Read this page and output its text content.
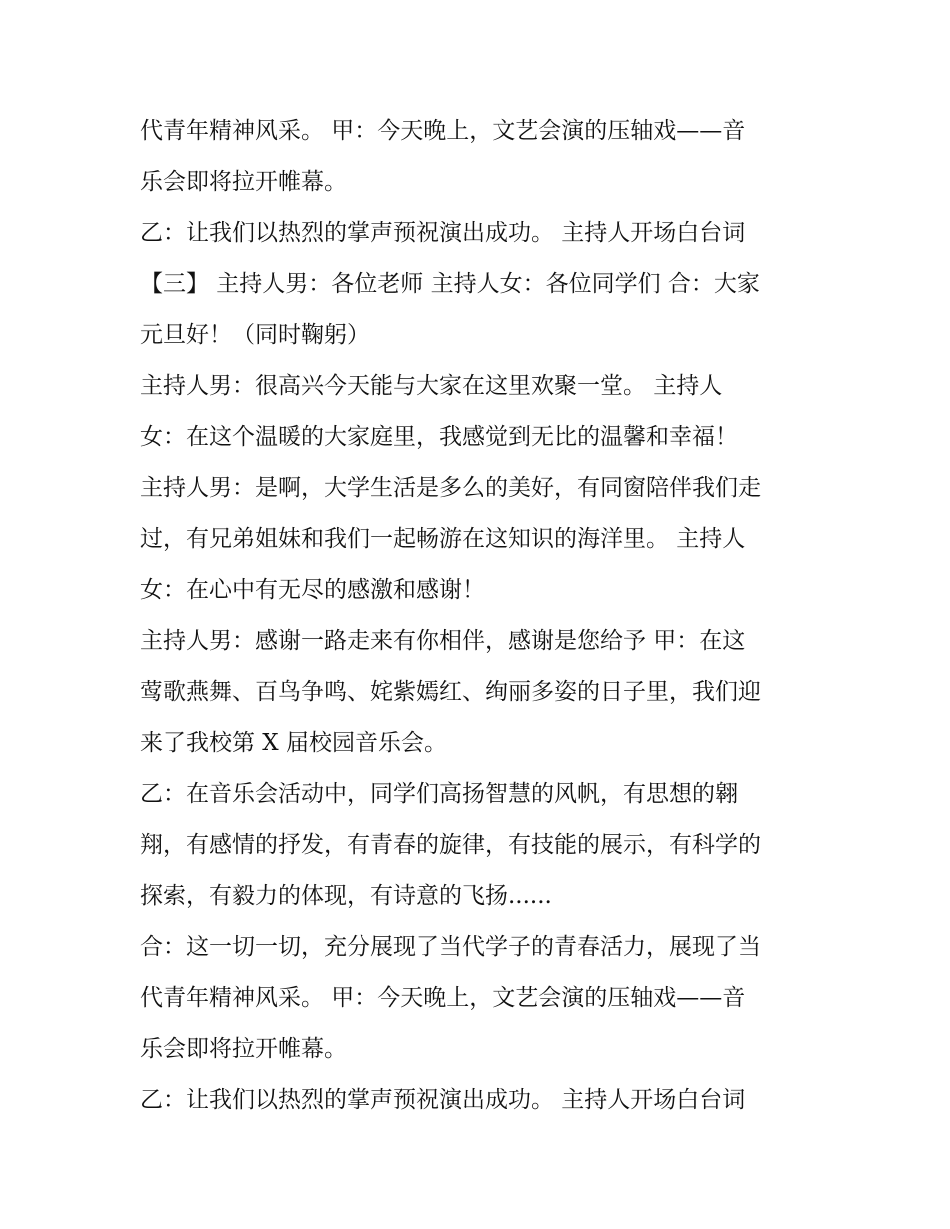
代青年精神风采。 甲：今天晚上，文艺会演的压轴戏——音
乐会即将拉开帷幕。
乙：让我们以热烈的掌声预祝演出成功。 主持人开场白台词
【三】 主持人男：各位老师 主持人女：各位同学们 合：大家
元旦好！（同时鞠躬）
主持人男：很高兴今天能与大家在这里欢聚一堂。 主持人
女：在这个温暖的大家庭里，我感觉到无比的温馨和幸福！
主持人男：是啊，大学生活是多么的美好，有同窗陪伴我们走
过，有兄弟姐妹和我们一起畅游在这知识的海洋里。 主持人
女：在心中有无尽的感激和感谢！
主持人男：感谢一路走来有你相伴，感谢是您给予 甲：在这
莺歌燕舞、百鸟争鸣、姹紫嫣红、绚丽多姿的日子里，我们迎
来了我校第 X 届校园音乐会。
乙：在音乐会活动中，同学们高扬智慧的风帆，有思想的翱
翔，有感情的抒发，有青春的旋律，有技能的展示，有科学的
探索，有毅力的体现，有诗意的飞扬......
合：这一切一切，充分展现了当代学子的青春活力，展现了当
代青年精神风采。 甲：今天晚上，文艺会演的压轴戏——音
乐会即将拉开帷幕。
乙：让我们以热烈的掌声预祝演出成功。 主持人开场白台词
